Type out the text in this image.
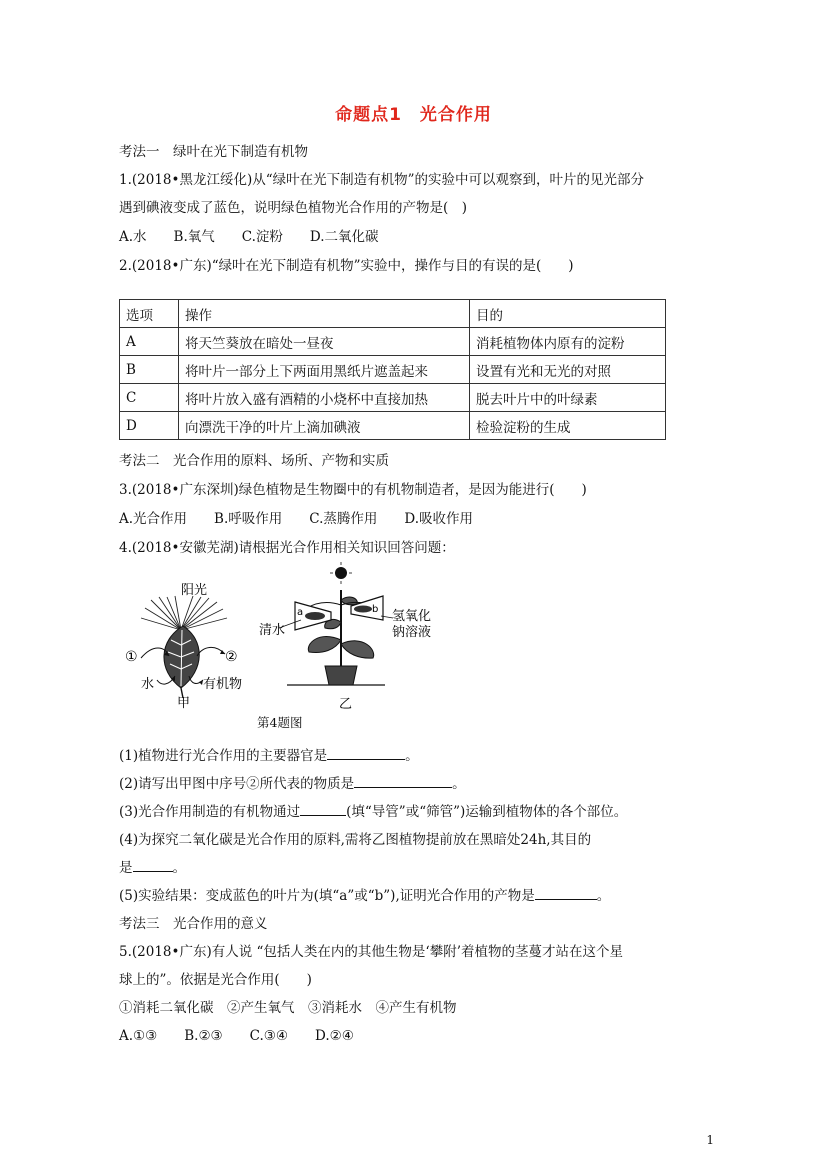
命题点1　光合作用
考法一　绿叶在光下制造有机物
1.(2018•黑龙江绥化)从“绿叶在光下制造有机物”的实验中可以观察到，叶片的见光部分
遇到碘液变成了蓝色，说明绿色植物光合作用的产物是(　)
A.水　　B.氧气　　C.淀粉　　D.二氧化碳
2.(2018•广东)“绿叶在光下制造有机物”实验中，操作与目的有误的是(　　)
选项	操作	目的
A	将天竺葵放在暗处一昼夜	消耗植物体内原有的淀粉
B	将叶片一部分上下两面用黑纸片遮盖起来	设置有光和无光的对照
C	将叶片放入盛有酒精的小烧杯中直接加热	脱去叶片中的叶绿素
D	向漂洗干净的叶片上滴加碘液	检验淀粉的生成
考法二　光合作用的原料、场所、产物和实质
3.(2018•广东深圳)绿色植物是生物圈中的有机物制造者，是因为能进行(　　)
A.光合作用　　B.呼吸作用　　C.蒸腾作用　　D.吸收作用
4.(2018•安徽芜湖)请根据光合作用相关知识回答问题：
阳光
①	②
水	有机物
甲
a	b
清水
氢氧化
钠溶液
乙
第4题图
(1)植物进行光合作用的主要器官是	。
(2)请写出甲图中序号②所代表的物质是	。
(3)光合作用制造的有机物通过	(填“导管”或“筛管”)运输到植物体的各个部位。
(4)为探究二氧化碳是光合作用的原料,需将乙图植物提前放在黑暗处24h,其目的
是	。
(5)实验结果：变成蓝色的叶片为(填“a”或“b”),证明光合作用的产物是	。
考法三　光合作用的意义
5.(2018•广东)有人说 “包括人类在内的其他生物是‘攀附’着植物的茎蔓才站在这个星
球上的”。依据是光合作用(　　)
①消耗二氧化碳　②产生氧气　③消耗水　④产生有机物
A.①③　　B.②③　　C.③④　　D.②④
1
